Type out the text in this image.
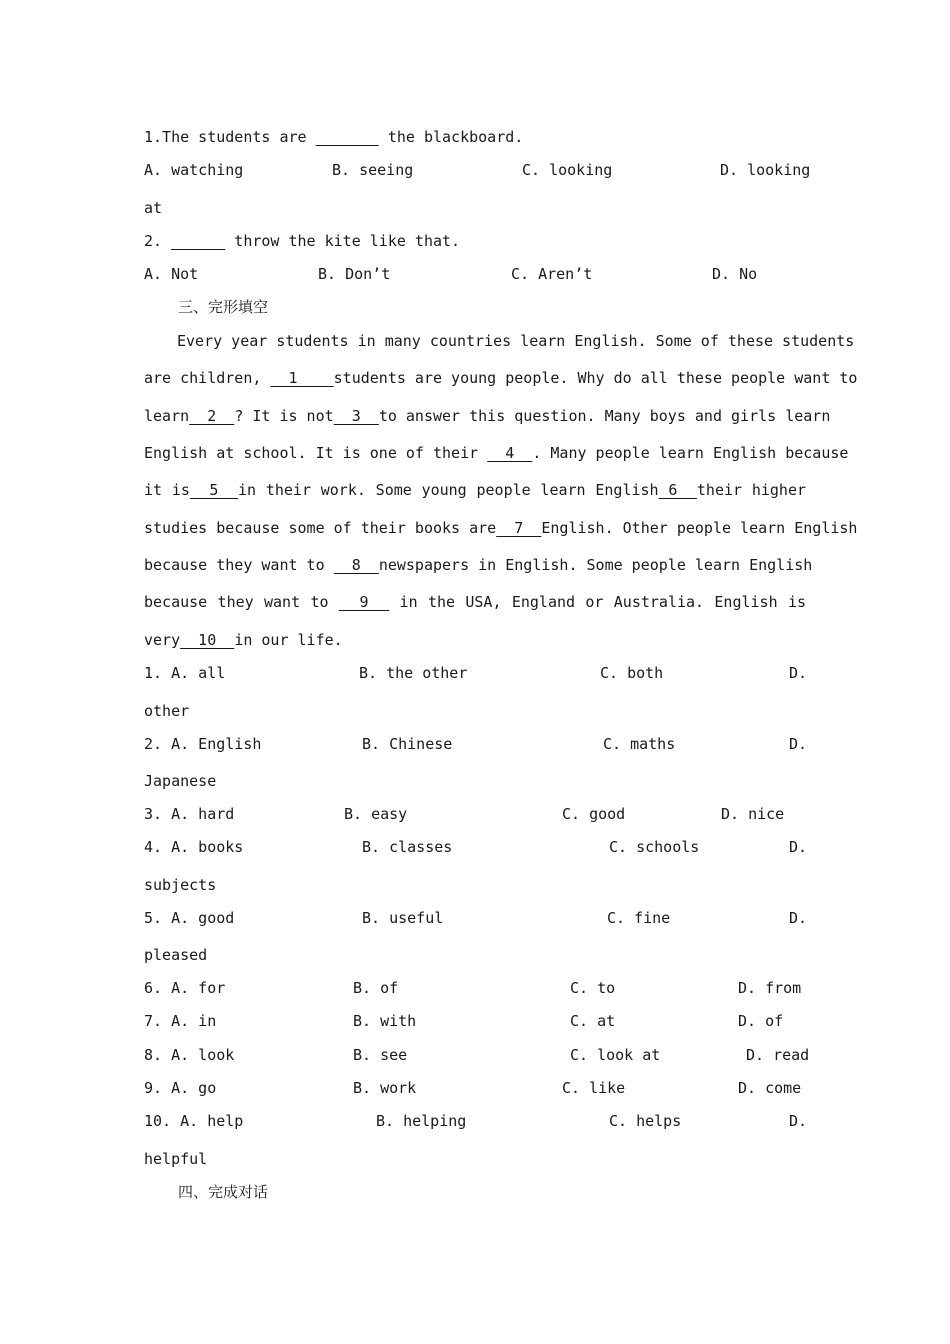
1.The students are	the blackboard.
A. watching	B. seeing	C. looking	D. looking
at
2.	throw the kite like that.
A. Not	B. Don’t	C. Aren’t	D. No
三、完形填空
Every year students in many countries learn English. Some of these students
are children,   1    students are young people. Why do all these people want to
learn  2  ? It is not  3  to answer this question. Many boys and girls learn
English at school. It is one of their   4  . Many people learn English because
it is  5  in their work. Some young people learn English 6  their higher
studies because some of their books are  7  English. Other people learn English
because they want to   8  newspapers in English. Some people learn English
because they want to   9   in the USA, England or Australia. English is
very  10  in our life.
1. A. all	B. the other	C. both	D.
other
2. A. English	B. Chinese	C. maths	D.
Japanese
3. A. hard	B. easy	C. good	D. nice
4. A. books	B. classes	C. schools	D.
subjects
5. A. good	B. useful	C. fine	D.
pleased
6. A. for	B. of	C. to	D. from
7. A. in	B. with	C. at	D. of
8. A. look	B. see	C. look at	D. read
9. A. go	B. work	C. like	D. come
10. A. help	B. helping	C. helps	D.
helpful
四、完成对话
